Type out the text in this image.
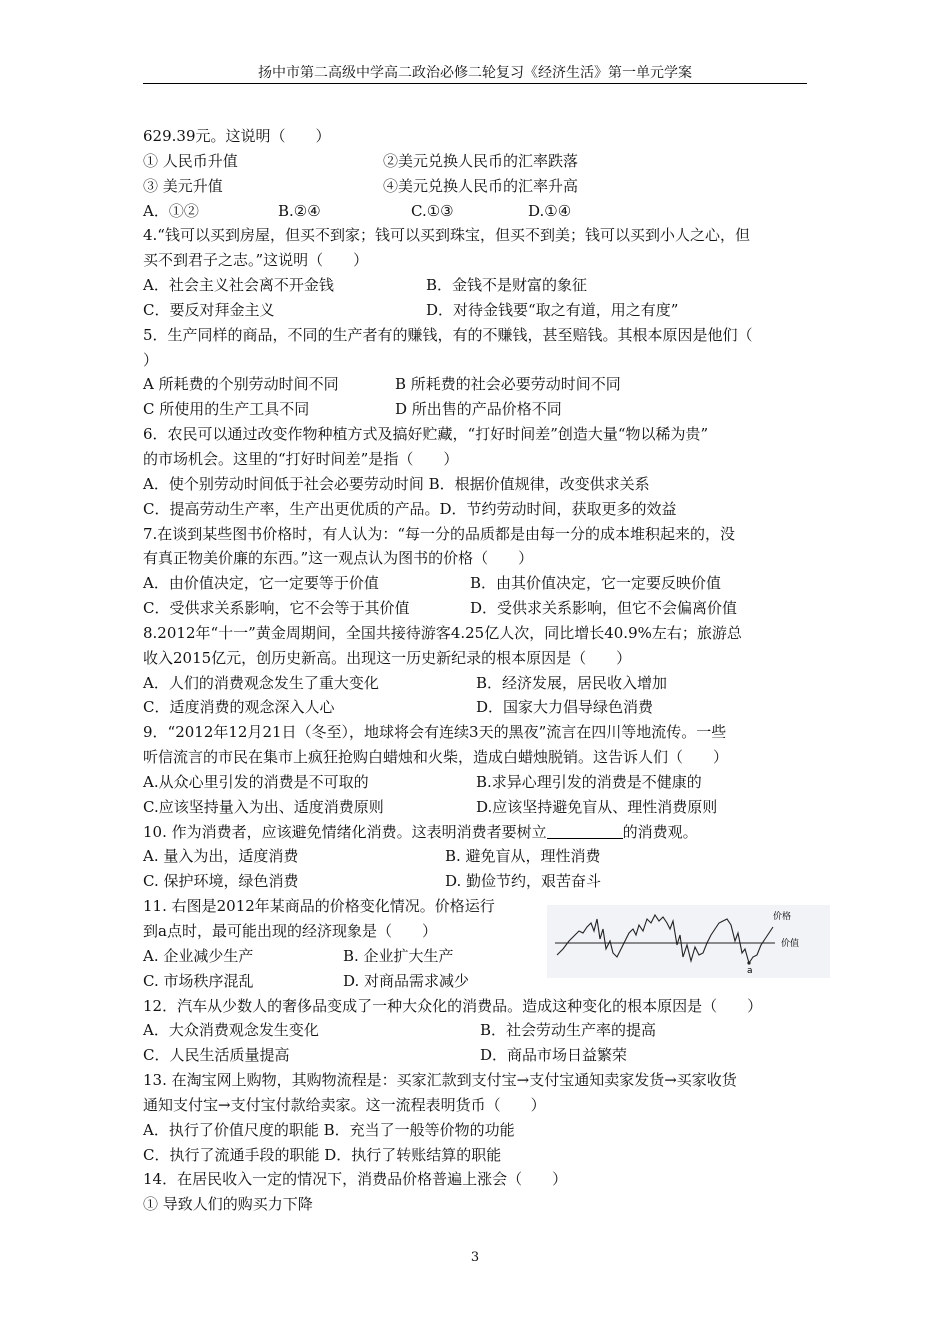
扬中市第二高级中学高二政治必修二轮复习《经济生活》第一单元学案
629.39元。这说明（　　）
① 人民币升值	②美元兑换人民币的汇率跌落
③ 美元升值	④美元兑换人民币的汇率升高
A．①②	B.②④	C.①③	D.①④
4.“钱可以买到房屋，但买不到家；钱可以买到珠宝，但买不到美；钱可以买到小人之心，但
买不到君子之志。”这说明（　　）
A．社会主义社会离不开金钱	B．金钱不是财富的象征
C．要反对拜金主义	D．对待金钱要“取之有道，用之有度”
5．生产同样的商品，不同的生产者有的赚钱，有的不赚钱，甚至赔钱。其根本原因是他们（
）
A 所耗费的个别劳动时间不同	B 所耗费的社会必要劳动时间不同
C 所使用的生产工具不同	D 所出售的产品价格不同
6．农民可以通过改变作物种植方式及搞好贮藏，“打好时间差”创造大量“物以稀为贵”
的市场机会。这里的“打好时间差”是指（　　）
A．使个别劳动时间低于社会必要劳动时间 B．根据价值规律，改变供求关系
C．提高劳动生产率，生产出更优质的产品。D．节约劳动时间，获取更多的效益
7.在谈到某些图书价格时，有人认为：“每一分的品质都是由每一分的成本堆积起来的，没
有真正物美价廉的东西。”这一观点认为图书的价格（　　）
A．由价值决定，它一定要等于价值	B．由其价值决定，它一定要反映价值
C．受供求关系影响，它不会等于其价值	D．受供求关系影响，但它不会偏离价值
8.2012年“十一”黄金周期间，全国共接待游客4.25亿人次，同比增长40.9%左右；旅游总
收入2015亿元，创历史新高。出现这一历史新纪录的根本原因是（　　）
A．人们的消费观念发生了重大变化	B．经济发展，居民收入增加
C．适度消费的观念深入人心	D．国家大力倡导绿色消费
9．“2012年12月21日（冬至），地球将会有连续3天的黑夜”流言在四川等地流传。一些
听信流言的市民在集市上疯狂抢购白蜡烛和火柴，造成白蜡烛脱销。这告诉人们（　　）
A.从众心里引发的消费是不可取的	B.求异心理引发的消费是不健康的
C.应该坚持量入为出、适度消费原则	D.应该坚持避免盲从、理性消费原则
10. 作为消费者，应该避免情绪化消费。这表明消费者要树立	的消费观。
A. 量入为出，适度消费	B. 避免盲从，理性消费
C. 保护环境，绿色消费	D. 勤俭节约，艰苦奋斗
11. 右图是2012年某商品的价格变化情况。价格运行
到a点时，最可能出现的经济现象是（　　）
A. 企业减少生产	B. 企业扩大生产
C. 市场秩序混乱	D. 对商品需求减少
12．汽车从少数人的奢侈品变成了一种大众化的消费品。造成这种变化的根本原因是（　　）
A．大众消费观念发生变化	B．社会劳动生产率的提高
C．人民生活质量提高	D．商品市场日益繁荣
13. 在淘宝网上购物，其购物流程是：买家汇款到支付宝→支付宝通知卖家发货→买家收货
通知支付宝→支付宝付款给卖家。这一流程表明货币（　　）
A．执行了价值尺度的职能 B．充当了一般等价物的功能
C．执行了流通手段的职能 D．执行了转账结算的职能
14．在居民收入一定的情况下，消费品价格普遍上涨会（　　）
① 导致人们的购买力下降
a
价格
价值
3
